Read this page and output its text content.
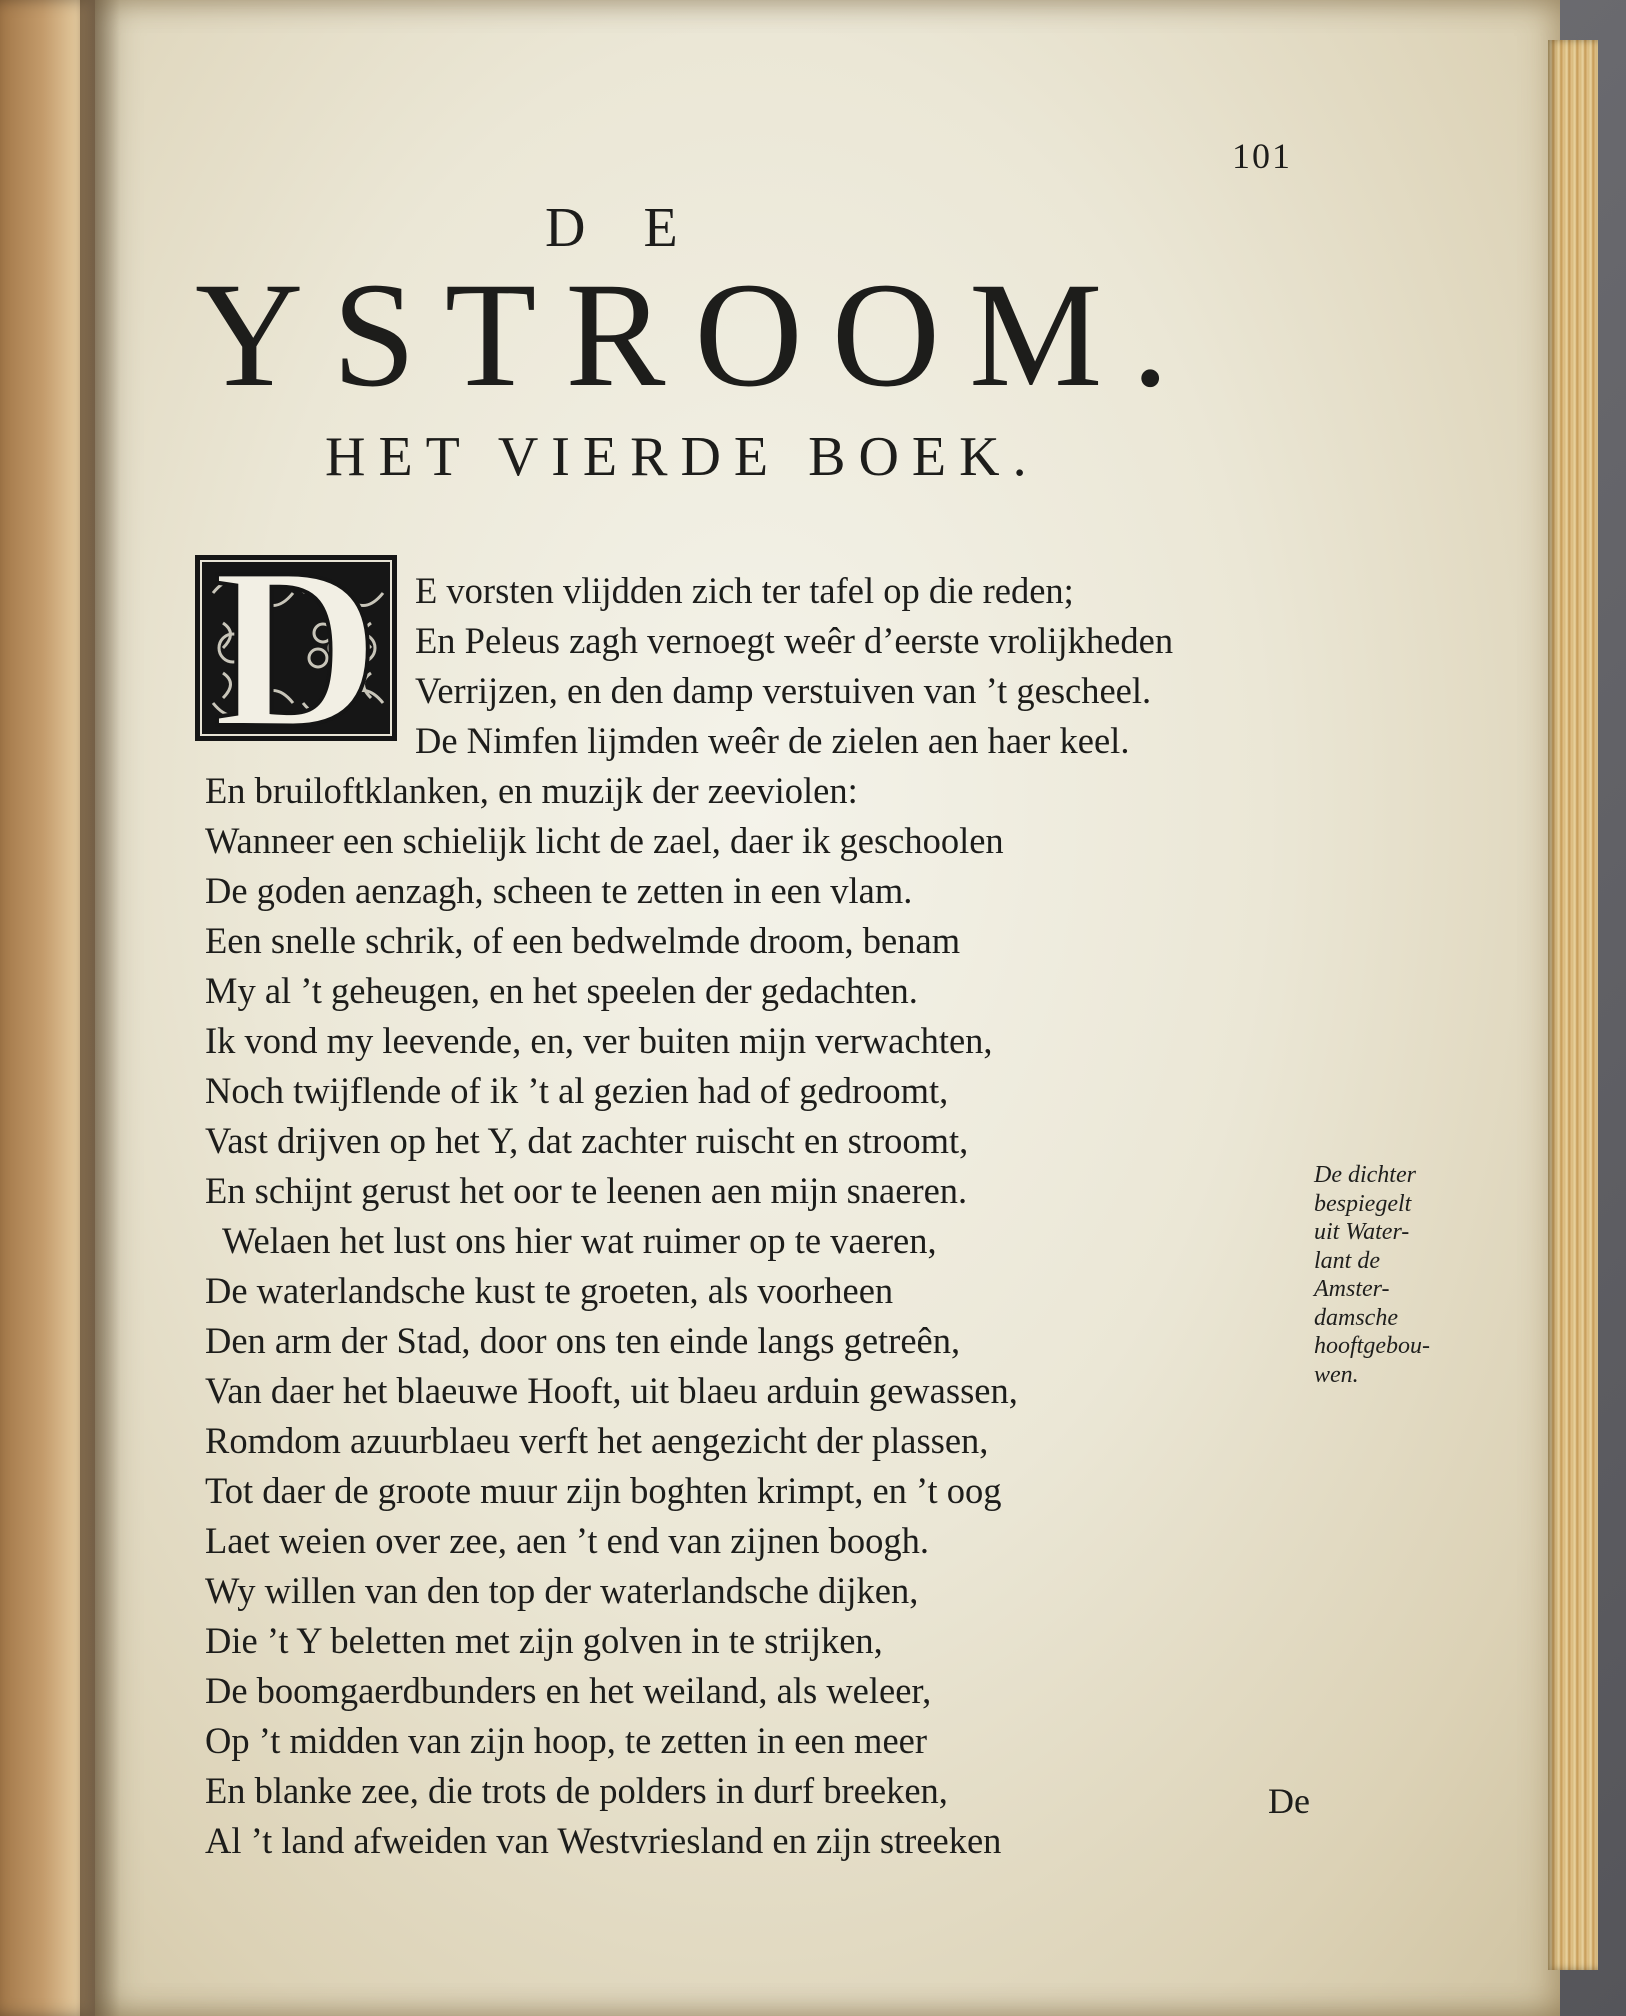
101
DE
YSTROOM.
HET VIERDE BOEK.
D E vorsten vlijdden zich ter tafel op die reden;
En Peleus zagh vernoegt weêr d’eerste vrolijkheden
Verrijzen, en den damp verstuiven van ’t gescheel.
De Nimfen lijmden weêr de zielen aen haer keel.
En bruiloftklanken, en muzijk der zeeviolen:
Wanneer een schielijk licht de zael, daer ik geschoolen
De goden aenzagh, scheen te zetten in een vlam.
Een snelle schrik, of een bedwelmde droom, benam
My al ’t geheugen, en het speelen der gedachten.
Ik vond my leevende, en, ver buiten mijn verwachten,
Noch twijflende of ik ’t al gezien had of gedroomt,
Vast drijven op het Y, dat zachter ruischt en stroomt,
En schijnt gerust het oor te leenen aen mijn snaeren.
Welaen het lust ons hier wat ruimer op te vaeren,
De waterlandsche kust te groeten, als voorheen
Den arm der Stad, door ons ten einde langs getreên,
Van daer het blaeuwe Hooft, uit blaeu arduin gewassen,
Romdom azuurblaeu verft het aengezicht der plassen,
Tot daer de groote muur zijn boghten krimpt, en ’t oog
Laet weien over zee, aen ’t end van zijnen boogh.
Wy willen van den top der waterlandsche dijken,
Die ’t Y beletten met zijn golven in te strijken,
De boomgaerdbunders en het weiland, als weleer,
Op ’t midden van zijn hoop, te zetten in een meer
En blanke zee, die trots de polders in durf breeken,
Al ’t land afweiden van Westvriesland en zijn streeken
De dichter
bespiegelt
uit Water-
lant de
Amster-
damsche
hooftgebou-
wen.
De
